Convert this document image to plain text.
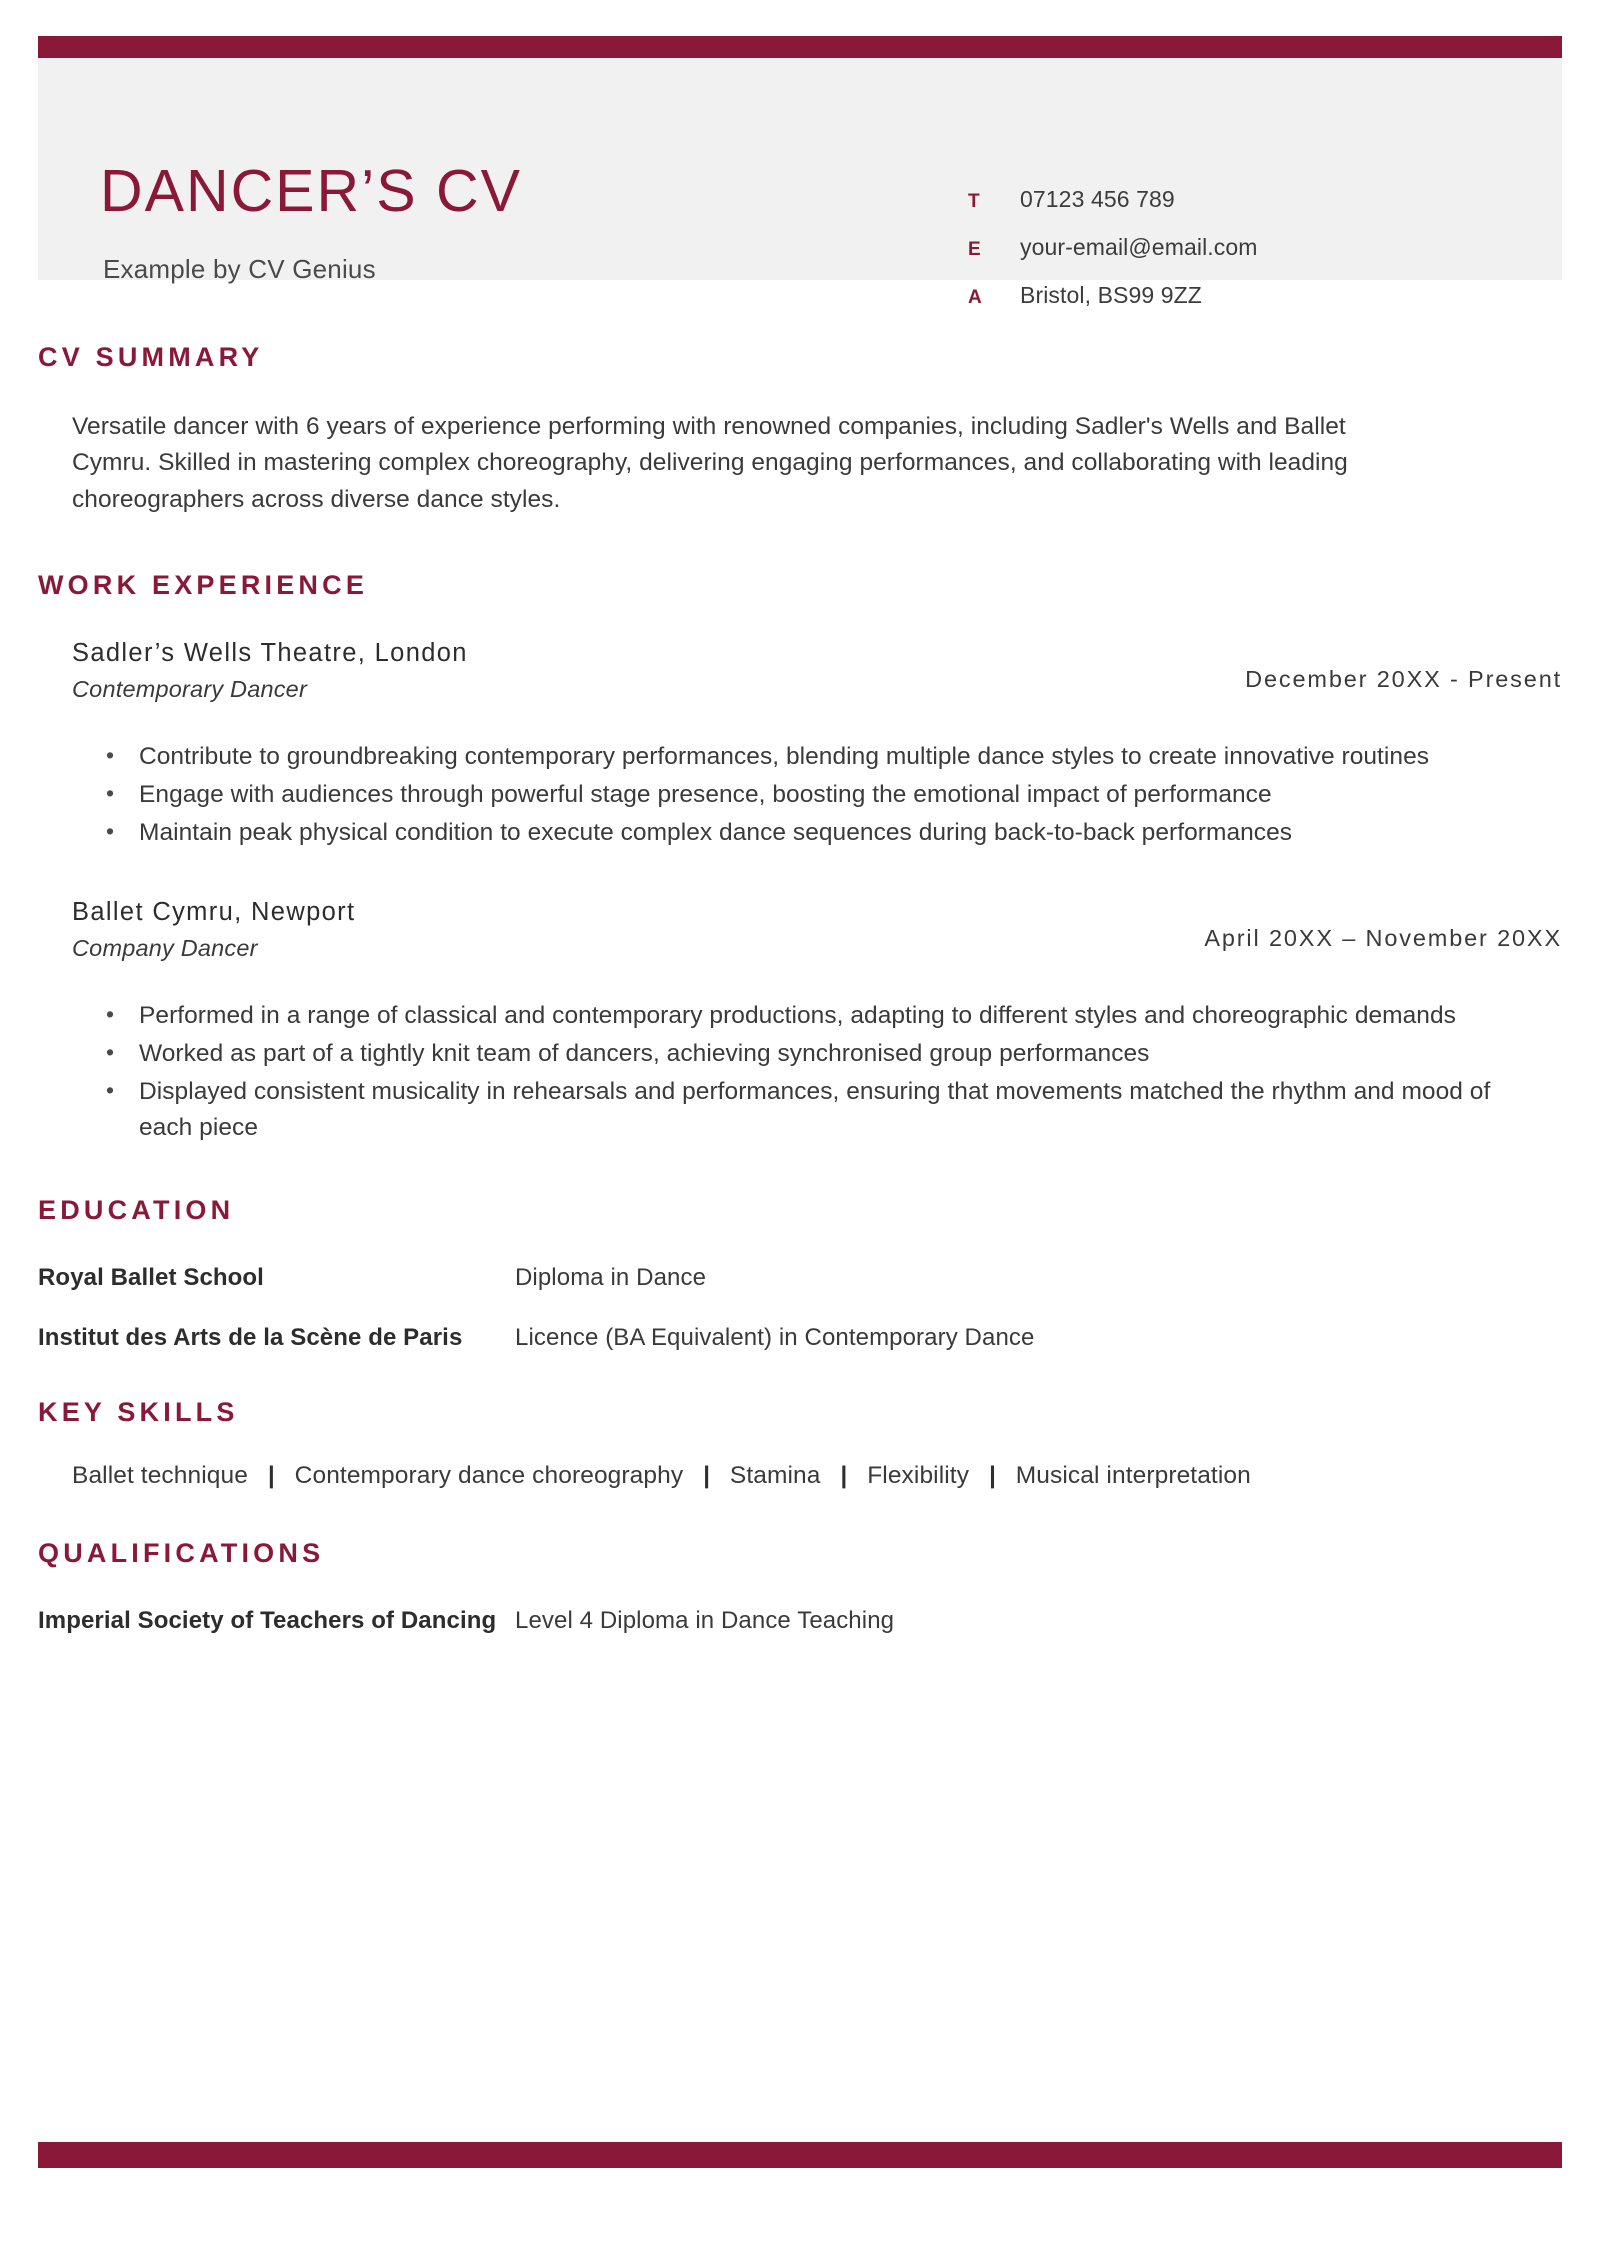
DANCER’S CV
Example by CV Genius
T	07123 456 789
E	your-email@email.com
A	Bristol, BS99 9ZZ
CV SUMMARY
Versatile dancer with 6 years of experience performing with renowned companies, including Sadler's Wells and Ballet Cymru. Skilled in mastering complex choreography, delivering engaging performances, and collaborating with leading choreographers across diverse dance styles.
WORK EXPERIENCE
Sadler’s Wells Theatre, London
Contemporary Dancer	December 20XX - Present
• Contribute to groundbreaking contemporary performances, blending multiple dance styles to create innovative routines
• Engage with audiences through powerful stage presence, boosting the emotional impact of performance
• Maintain peak physical condition to execute complex dance sequences during back-to-back performances
Ballet Cymru, Newport
Company Dancer	April 20XX – November 20XX
• Performed in a range of classical and contemporary productions, adapting to different styles and choreographic demands
• Worked as part of a tightly knit team of dancers, achieving synchronised group performances
• Displayed consistent musicality in rehearsals and performances, ensuring that movements matched the rhythm and mood of each piece
EDUCATION
Royal Ballet School	Diploma in Dance
Institut des Arts de la Scène de Paris	Licence (BA Equivalent) in Contemporary Dance
KEY SKILLS
Ballet technique | Contemporary dance choreography | Stamina | Flexibility | Musical interpretation
QUALIFICATIONS
Imperial Society of Teachers of Dancing Level 4 Diploma in Dance Teaching
